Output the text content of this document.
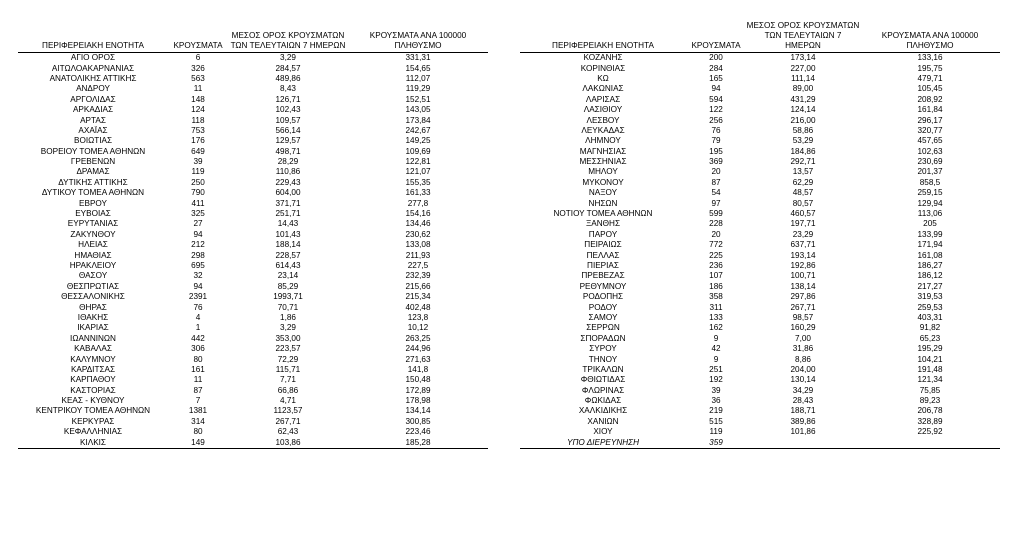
ΠΕΡΙΦΕΡΕΙΑΚΗ ΕΝΟΤΗΤΑ	ΚΡΟΥΣΜΑΤΑ	ΜΕΣΟΣ ΟΡΟΣ ΚΡΟΥΣΜΑΤΩΝ ΤΩΝ ΤΕΛΕΥΤΑΙΩΝ 7 ΗΜΕΡΩΝ	ΚΡΟΥΣΜΑΤΑ ΑΝΑ 100000 ΠΛΗΘΥΣΜΟ
ΑΓΙΟ ΟΡΟΣ	6	3,29	331,31
ΑΙΤΩΛΟΑΚΑΡΝΑΝΙΑΣ	326	284,57	154,65
ΑΝΑΤΟΛΙΚΗΣ ΑΤΤΙΚΗΣ	563	489,86	112,07
ΑΝΔΡΟΥ	11	8,43	119,29
ΑΡΓΟΛΙΔΑΣ	148	126,71	152,51
ΑΡΚΑΔΙΑΣ	124	102,43	143,05
ΑΡΤΑΣ	118	109,57	173,84
ΑΧΑΪΑΣ	753	566,14	242,67
ΒΟΙΩΤΙΑΣ	176	129,57	149,25
ΒΟΡΕΙΟΥ ΤΟΜΕΑ ΑΘΗΝΩΝ	649	498,71	109,69
ΓΡΕΒΕΝΩΝ	39	28,29	122,81
ΔΡΑΜΑΣ	119	110,86	121,07
ΔΥΤΙΚΗΣ ΑΤΤΙΚΗΣ	250	229,43	155,35
ΔΥΤΙΚΟΥ ΤΟΜΕΑ ΑΘΗΝΩΝ	790	604,00	161,33
ΕΒΡΟΥ	411	371,71	277,8
ΕΥΒΟΙΑΣ	325	251,71	154,16
ΕΥΡΥΤΑΝΙΑΣ	27	14,43	134,46
ΖΑΚΥΝΘΟΥ	94	101,43	230,62
ΗΛΕΙΑΣ	212	188,14	133,08
ΗΜΑΘΙΑΣ	298	228,57	211,93
ΗΡΑΚΛΕΙΟΥ	695	614,43	227,5
ΘΑΣΟΥ	32	23,14	232,39
ΘΕΣΠΡΩΤΙΑΣ	94	85,29	215,66
ΘΕΣΣΑΛΟΝΙΚΗΣ	2391	1993,71	215,34
ΘΗΡΑΣ	76	70,71	402,48
ΙΘΑΚΗΣ	4	1,86	123,8
ΙΚΑΡΙΑΣ	1	3,29	10,12
ΙΩΑΝΝΙΝΩΝ	442	353,00	263,25
ΚΑΒΑΛΑΣ	306	223,57	244,96
ΚΑΛΥΜΝΟΥ	80	72,29	271,63
ΚΑΡΔΙΤΣΑΣ	161	115,71	141,8
ΚΑΡΠΑΘΟΥ	11	7,71	150,48
ΚΑΣΤΟΡΙΑΣ	87	66,86	172,89
ΚΕΑΣ - ΚΥΘΝΟΥ	7	4,71	178,98
ΚΕΝΤΡΙΚΟΥ ΤΟΜΕΑ ΑΘΗΝΩΝ	1381	1123,57	134,14
ΚΕΡΚΥΡΑΣ	314	267,71	300,85
ΚΕΦΑΛΛΗΝΙΑΣ	80	62,43	223,46
ΚΙΛΚΙΣ	149	103,86	185,28
ΠΕΡΙΦΕΡΕΙΑΚΗ ΕΝΟΤΗΤΑ	ΚΡΟΥΣΜΑΤΑ	ΜΕΣΟΣ ΟΡΟΣ ΚΡΟΥΣΜΑΤΩΝ ΤΩΝ ΤΕΛΕΥΤΑΙΩΝ 7 ΗΜΕΡΩΝ	ΚΡΟΥΣΜΑΤΑ ΑΝΑ 100000 ΠΛΗΘΥΣΜΟ
ΚΟΖΑΝΗΣ	200	173,14	133,16
ΚΟΡΙΝΘΙΑΣ	284	227,00	195,75
ΚΩ	165	111,14	479,71
ΛΑΚΩΝΙΑΣ	94	89,00	105,45
ΛΑΡΙΣΑΣ	594	431,29	208,92
ΛΑΣΙΘΙΟΥ	122	124,14	161,84
ΛΕΣΒΟΥ	256	216,00	296,17
ΛΕΥΚΑΔΑΣ	76	58,86	320,77
ΛΗΜΝΟΥ	79	53,29	457,65
ΜΑΓΝΗΣΙΑΣ	195	184,86	102,63
ΜΕΣΣΗΝΙΑΣ	369	292,71	230,69
ΜΗΛΟΥ	20	13,57	201,37
ΜΥΚΟΝΟΥ	87	62,29	858,5
ΝΑΞΟΥ	54	48,57	259,15
ΝΗΣΩΝ	97	80,57	129,94
ΝΟΤΙΟΥ ΤΟΜΕΑ ΑΘΗΝΩΝ	599	460,57	113,06
ΞΑΝΘΗΣ	228	197,71	205
ΠΑΡΟΥ	20	23,29	133,99
ΠΕΙΡΑΙΩΣ	772	637,71	171,94
ΠΕΛΛΑΣ	225	193,14	161,08
ΠΙΕΡΙΑΣ	236	192,86	186,27
ΠΡΕΒΕΖΑΣ	107	100,71	186,12
ΡΕΘΥΜΝΟΥ	186	138,14	217,27
ΡΟΔΟΠΗΣ	358	297,86	319,53
ΡΟΔΟΥ	311	267,71	259,53
ΣΑΜΟΥ	133	98,57	403,31
ΣΕΡΡΩΝ	162	160,29	91,82
ΣΠΟΡΑΔΩΝ	9	7,00	65,23
ΣΥΡΟΥ	42	31,86	195,29
ΤΗΝΟΥ	9	8,86	104,21
ΤΡΙΚΑΛΩΝ	251	204,00	191,48
ΦΘΙΩΤΙΔΑΣ	192	130,14	121,34
ΦΛΩΡΙΝΑΣ	39	34,29	75,85
ΦΩΚΙΔΑΣ	36	28,43	89,23
ΧΑΛΚΙΔΙΚΗΣ	219	188,71	206,78
ΧΑΝΙΩΝ	515	389,86	328,89
ΧΙΟΥ	119	101,86	225,92
ΥΠΟ ΔΙΕΡΕΥΝΗΣΗ	359		
